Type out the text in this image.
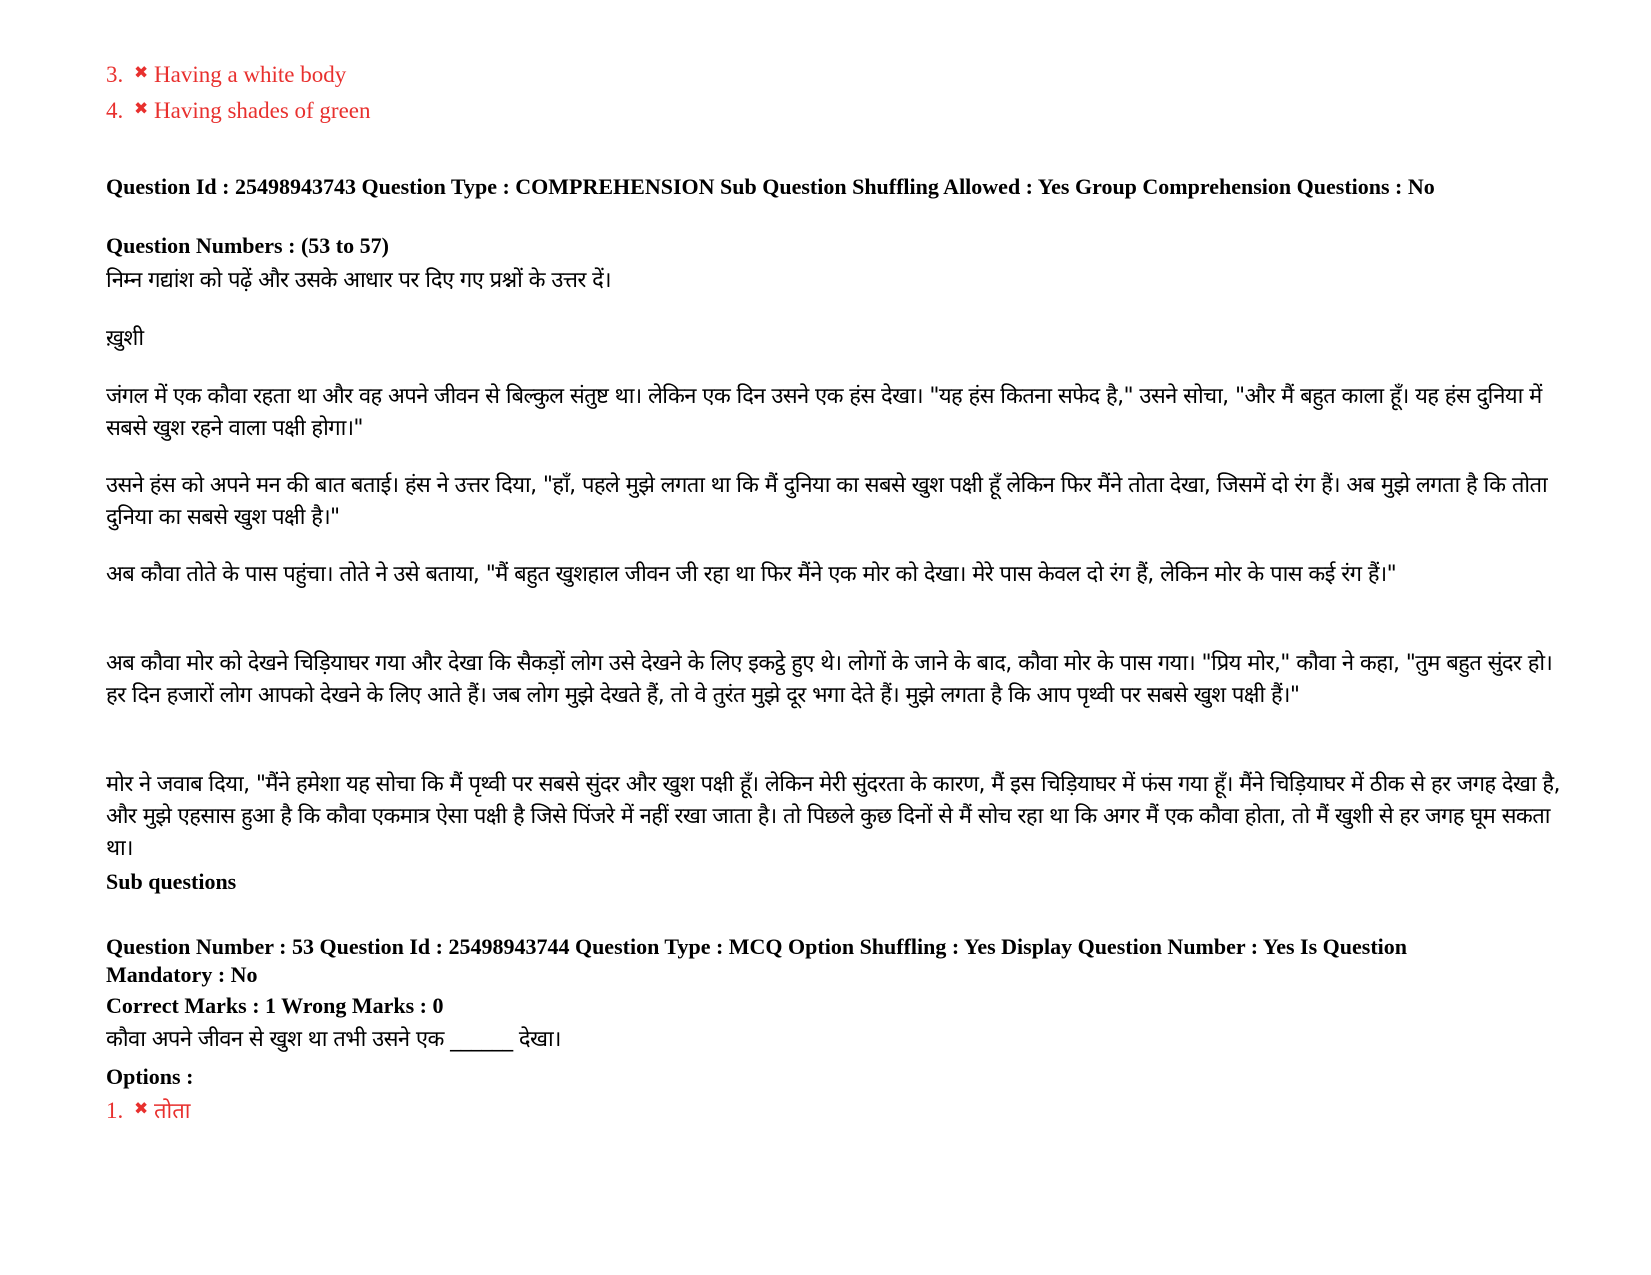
3. ✖ Having a white body
4. ✖ Having shades of green
Question Id : 25498943743 Question Type : COMPREHENSION Sub Question Shuffling Allowed : Yes Group Comprehension Questions : No
Question Numbers : (53 to 57)
निम्न गद्यांश को पढ़ें और उसके आधार पर दिए गए प्रश्नों के उत्तर दें।
ख़ुशी
जंगल में एक कौवा रहता था और वह अपने जीवन से बिल्कुल संतुष्ट था। लेकिन एक दिन उसने एक हंस देखा। "यह हंस कितना सफेद है," उसने सोचा, "और मैं बहुत काला हूँ। यह हंस दुनिया में सबसे खुश रहने वाला पक्षी होगा।"
उसने हंस को अपने मन की बात बताई। हंस ने उत्तर दिया, "हाँ, पहले मुझे लगता था कि मैं दुनिया का सबसे खुश पक्षी हूँ लेकिन फिर मैंने तोता देखा, जिसमें दो रंग हैं। अब मुझे लगता है कि तोता दुनिया का सबसे खुश पक्षी है।"
अब कौवा तोते के पास पहुंचा। तोते ने उसे बताया, "मैं बहुत खुशहाल जीवन जी रहा था फिर मैंने एक मोर को देखा। मेरे पास केवल दो रंग हैं, लेकिन मोर के पास कई रंग हैं।"
अब कौवा मोर को देखने चिड़ियाघर गया और देखा कि सैकड़ों लोग उसे देखने के लिए इकट्ठे हुए थे। लोगों के जाने के बाद, कौवा मोर के पास गया। "प्रिय मोर," कौवा ने कहा, "तुम बहुत सुंदर हो। हर दिन हजारों लोग आपको देखने के लिए आते हैं। जब लोग मुझे देखते हैं, तो वे तुरंत मुझे दूर भगा देते हैं। मुझे लगता है कि आप पृथ्वी पर सबसे खुश पक्षी हैं।"
मोर ने जवाब दिया, "मैंने हमेशा यह सोचा कि मैं पृथ्वी पर सबसे सुंदर और खुश पक्षी हूँ। लेकिन मेरी सुंदरता के कारण, मैं इस चिड़ियाघर में फंस गया हूँ। मैंने चिड़ियाघर में ठीक से हर जगह देखा है, और मुझे एहसास हुआ है कि कौवा एकमात्र ऐसा पक्षी है जिसे पिंजरे में नहीं रखा जाता है। तो पिछले कुछ दिनों से मैं सोच रहा था कि अगर मैं एक कौवा होता, तो मैं खुशी से हर जगह घूम सकता था।
Sub questions
Question Number : 53 Question Id : 25498943744 Question Type : MCQ Option Shuffling : Yes Display Question Number : Yes Is Question Mandatory : No
Correct Marks : 1 Wrong Marks : 0
कौवा अपने जीवन से खुश था तभी उसने एक ______ देखा।
Options :
1. ✖ तोता
